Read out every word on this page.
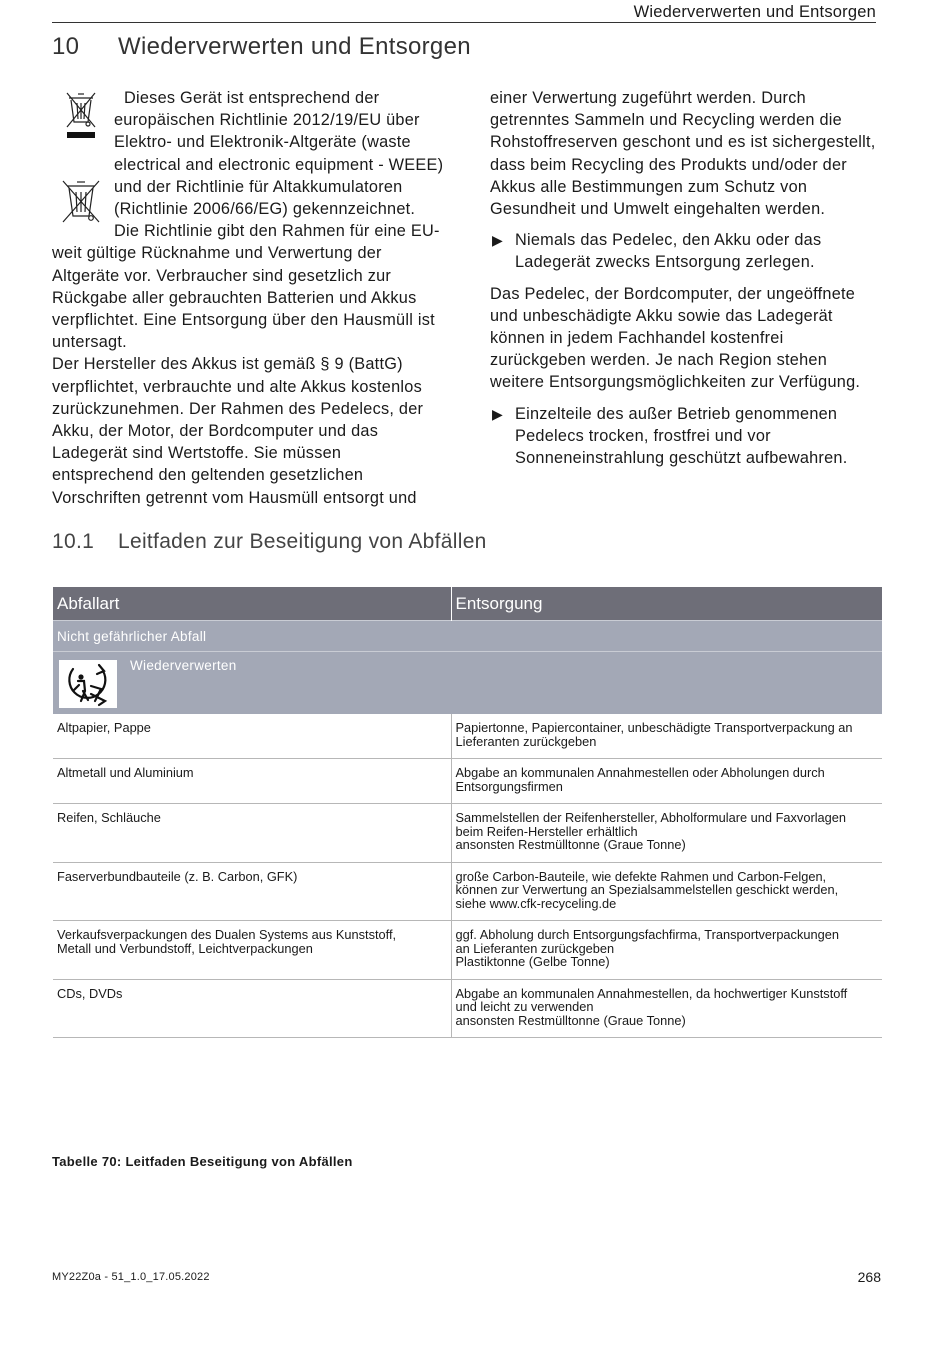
Wiederverwerten und Entsorgen
10 Wiederverwerten und Entsorgen

Dieses Gerät ist entsprechend der europäischen Richtlinie 2012/19/EU über Elektro- und Elektronik-Altgeräte (waste electrical and electronic equipment - WEEE) und der Richtlinie für Altakkumulatoren (Richtlinie 2006/66/EG) gekennzeichnet. Die Richtlinie gibt den Rahmen für eine EU-weit gültige Rücknahme und Verwertung der Altgeräte vor. Verbraucher sind gesetzlich zur Rückgabe aller gebrauchten Batterien und Akkus verpflichtet. Eine Entsorgung über den Hausmüll ist untersagt.

Der Hersteller des Akkus ist gemäß § 9 (BattG) verpflichtet, verbrauchte und alte Akkus kostenlos zurückzunehmen. Der Rahmen des Pedelecs, der Akku, der Motor, der Bordcomputer und das Ladegerät sind Wertstoffe. Sie müssen entsprechend den geltenden gesetzlichen Vorschriften getrennt vom Hausmüll entsorgt und

einer Verwertung zugeführt werden. Durch getrenntes Sammeln und Recycling werden die Rohstoffreserven geschont und es ist sichergestellt, dass beim Recycling des Produkts und/oder der Akkus alle Bestimmungen zum Schutz von Gesundheit und Umwelt eingehalten werden.

▶ Niemals das Pedelec, den Akku oder das Ladegerät zwecks Entsorgung zerlegen.

Das Pedelec, der Bordcomputer, der ungeöffnete und unbeschädigte Akku sowie das Ladegerät können in jedem Fachhandel kostenfrei zurückgeben werden. Je nach Region stehen weitere Entsorgungsmöglichkeiten zur Verfügung.

▶ Einzelteile des außer Betrieb genommenen Pedelecs trocken, frostfrei und vor Sonneneinstrahlung geschützt aufbewahren.
10.1 Leitfaden zur Beseitigung von Abfällen
Abfallart	Entsorgung
Nicht gefährlicher Abfall	

Wiederverwerten	

Altpapier, Pappe	Papiertonne, Papiercontainer, unbeschädigte Transportverpackung an
Lieferanten zurückgeben

Altmetall und Aluminium	Abgabe an kommunalen Annahmestellen oder Abholungen durch
Entsorgungsfirmen

Reifen, Schläuche	Sammelstellen der Reifenhersteller, Abholformulare und Faxvorlagen
beim Reifen-Hersteller erhältlich
ansonsten Restmülltonne (Graue Tonne)

Faserverbundbauteile (z. B. Carbon, GFK)	große Carbon-Bauteile, wie defekte Rahmen und Carbon-Felgen,
können zur Verwertung an Spezialsammelstellen geschickt werden,
siehe www.cfk-recyceling.de

Verkaufsverpackungen des Dualen Systems aus Kunststoff,
Metall und Verbundstoff, Leichtverpackungen	ggf. Abholung durch Entsorgungsfachfirma, Transportverpackungen
an Lieferanten zurückgeben
Plastiktonne (Gelbe Tonne)

CDs, DVDs	Abgabe an kommunalen Annahmestellen, da hochwertiger Kunststoff
und leicht zu verwenden
ansonsten Restmülltonne (Graue Tonne)
Tabelle 70: Leitfaden Beseitigung von Abfällen
MY22Z0a - 51_1.0_17.05.2022	268
